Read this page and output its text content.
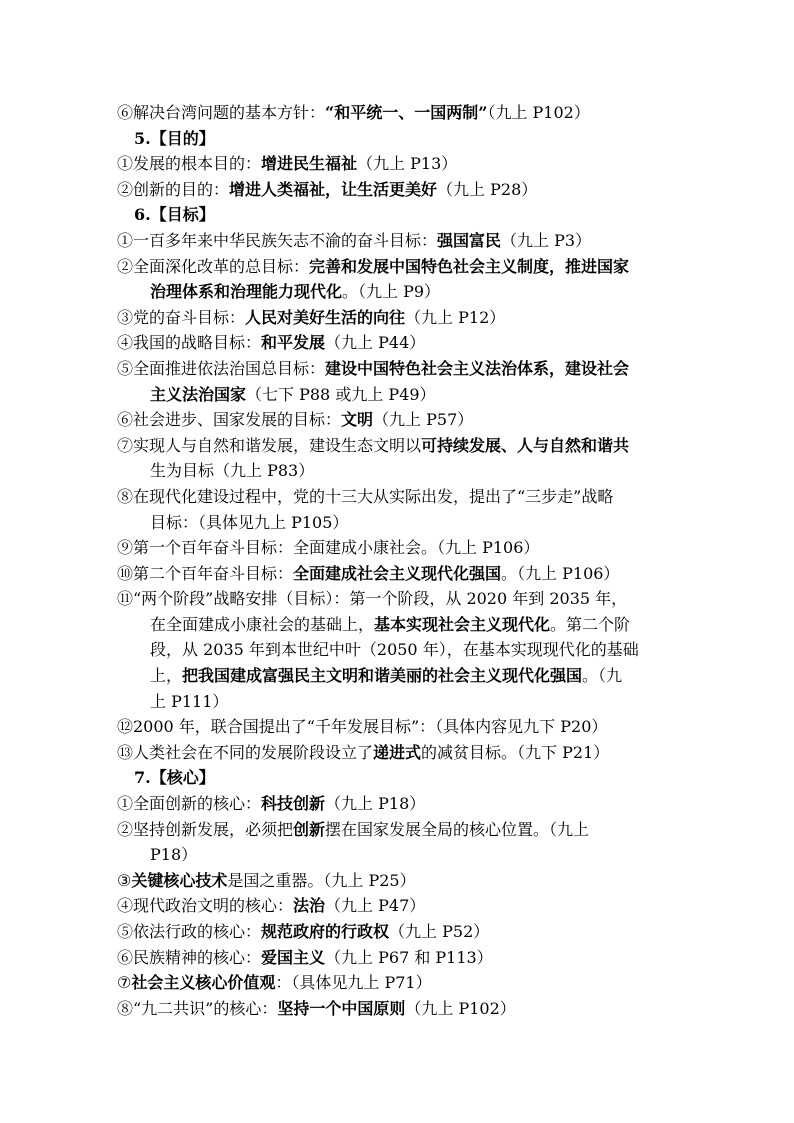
⑥解决台湾问题的基本方针：“和平统一、一国两制”（九上 P102）
5.【目的】
①发展的根本目的：增进民生福祉（九上 P13）
②创新的目的：增进人类福祉，让生活更美好（九上 P28）
6.【目标】
①一百多年来中华民族矢志不渝的奋斗目标：强国富民（九上 P3）
②全面深化改革的总目标：完善和发展中国特色社会主义制度，推进国家
治理体系和治理能力现代化。（九上 P9）
③党的奋斗目标：人民对美好生活的向往（九上 P12）
④我国的战略目标：和平发展（九上 P44）
⑤全面推进依法治国总目标：建设中国特色社会主义法治体系，建设社会
主义法治国家（七下 P88 或九上 P49）
⑥社会进步、国家发展的目标：文明（九上 P57）
⑦实现人与自然和谐发展，建设生态文明以可持续发展、人与自然和谐共
生为目标（九上 P83）
⑧在现代化建设过程中，党的十三大从实际出发，提出了“三步走”战略
目标：（具体见九上 P105）
⑨第一个百年奋斗目标：全面建成小康社会。（九上 P106）
⑩第二个百年奋斗目标：全面建成社会主义现代化强国。（九上 P106）
⑪“两个阶段”战略安排（目标）：第一个阶段，从 2020 年到 2035 年，
在全面建成小康社会的基础上，基本实现社会主义现代化。第二个阶
段，从 2035 年到本世纪中叶（2050 年），在基本实现现代化的基础
上，把我国建成富强民主文明和谐美丽的社会主义现代化强国。（九
上 P111）
⑫2000 年，联合国提出了“千年发展目标”：（具体内容见九下 P20）
⑬人类社会在不同的发展阶段设立了递进式的减贫目标。（九下 P21）
7.【核心】
①全面创新的核心：科技创新（九上 P18）
②坚持创新发展，必须把创新摆在国家发展全局的核心位置。（九上
P18）
③关键核心技术是国之重器。（九上 P25）
④现代政治文明的核心：法治（九上 P47）
⑤依法行政的核心：规范政府的行政权（九上 P52）
⑥民族精神的核心：爱国主义（九上 P67 和 P113）
⑦社会主义核心价值观：（具体见九上 P71）
⑧“九二共识”的核心：坚持一个中国原则（九上 P102）
